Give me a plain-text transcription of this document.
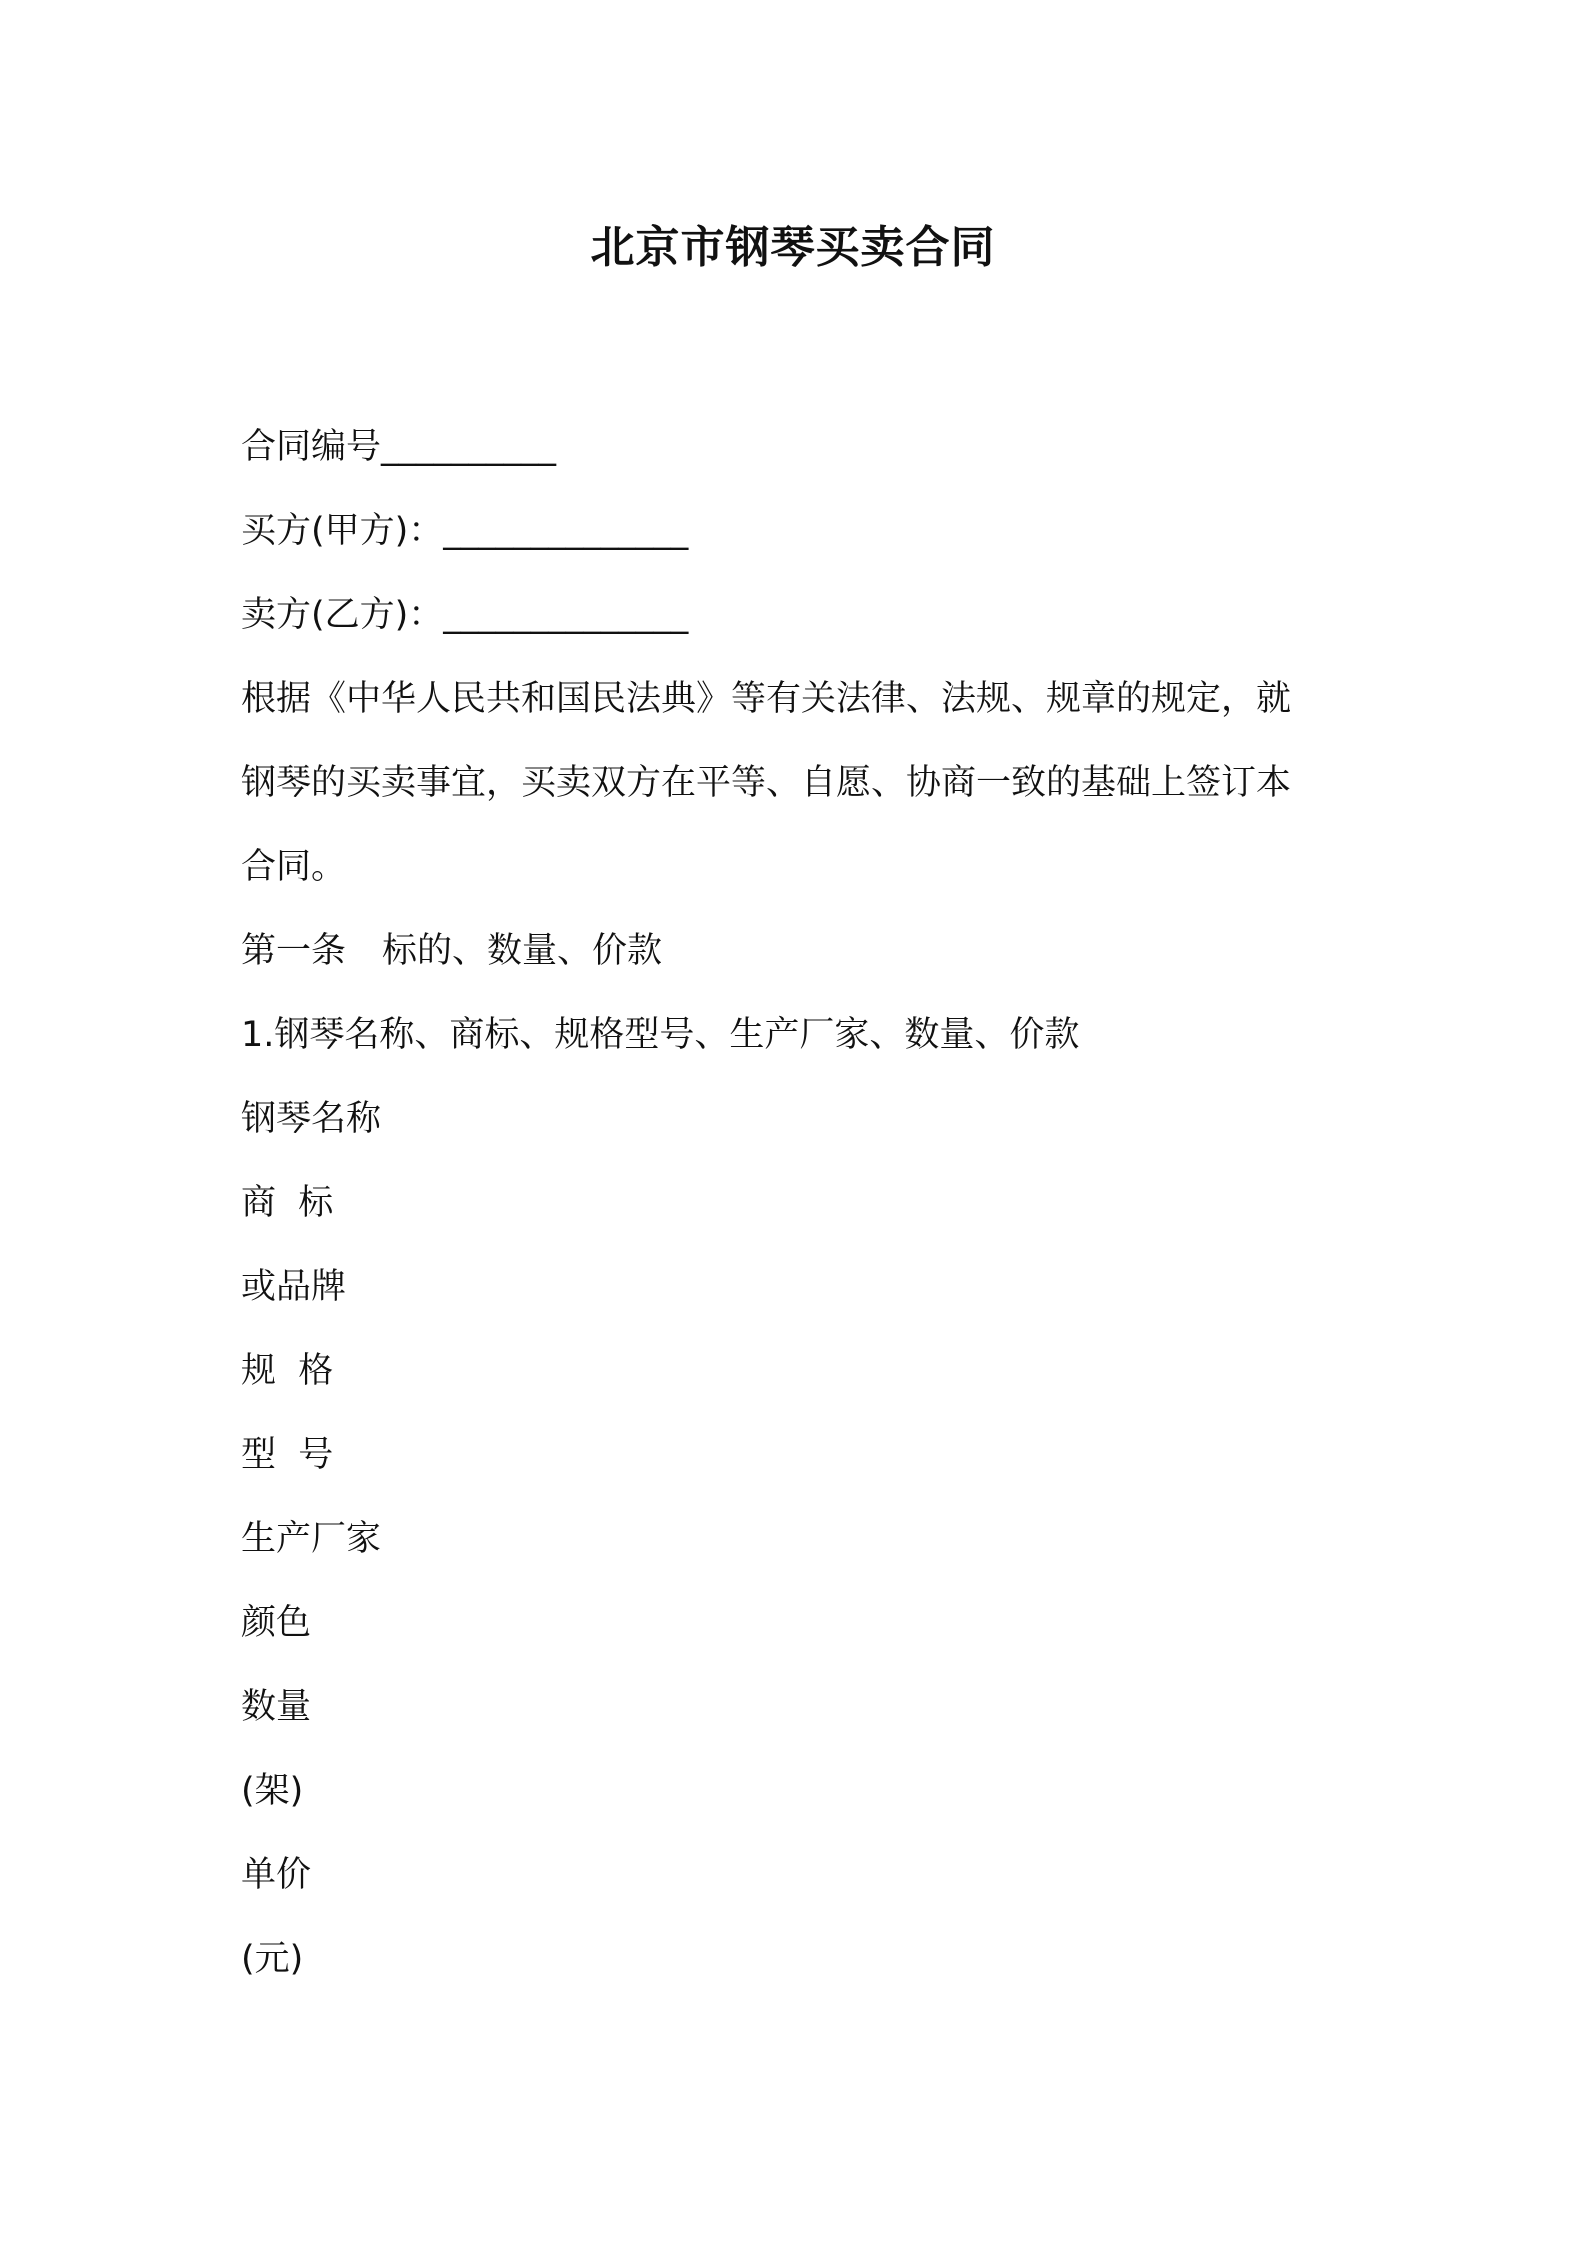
北京市钢琴买卖合同

合同编号__________

买方(甲方)：______________

卖方(乙方)：______________

根据《中华人民共和国民法典》等有关法律、法规、规章的规定，就
钢琴的买卖事宜，买卖双方在平等、自愿、协商一致的基础上签订本
合同。

第一条 标的、数量、价款

1.钢琴名称、商标、规格型号、生产厂家、数量、价款

钢琴名称

商  标

或品牌

规  格

型  号

生产厂家

颜色

数量

(架)

单价

(元)
